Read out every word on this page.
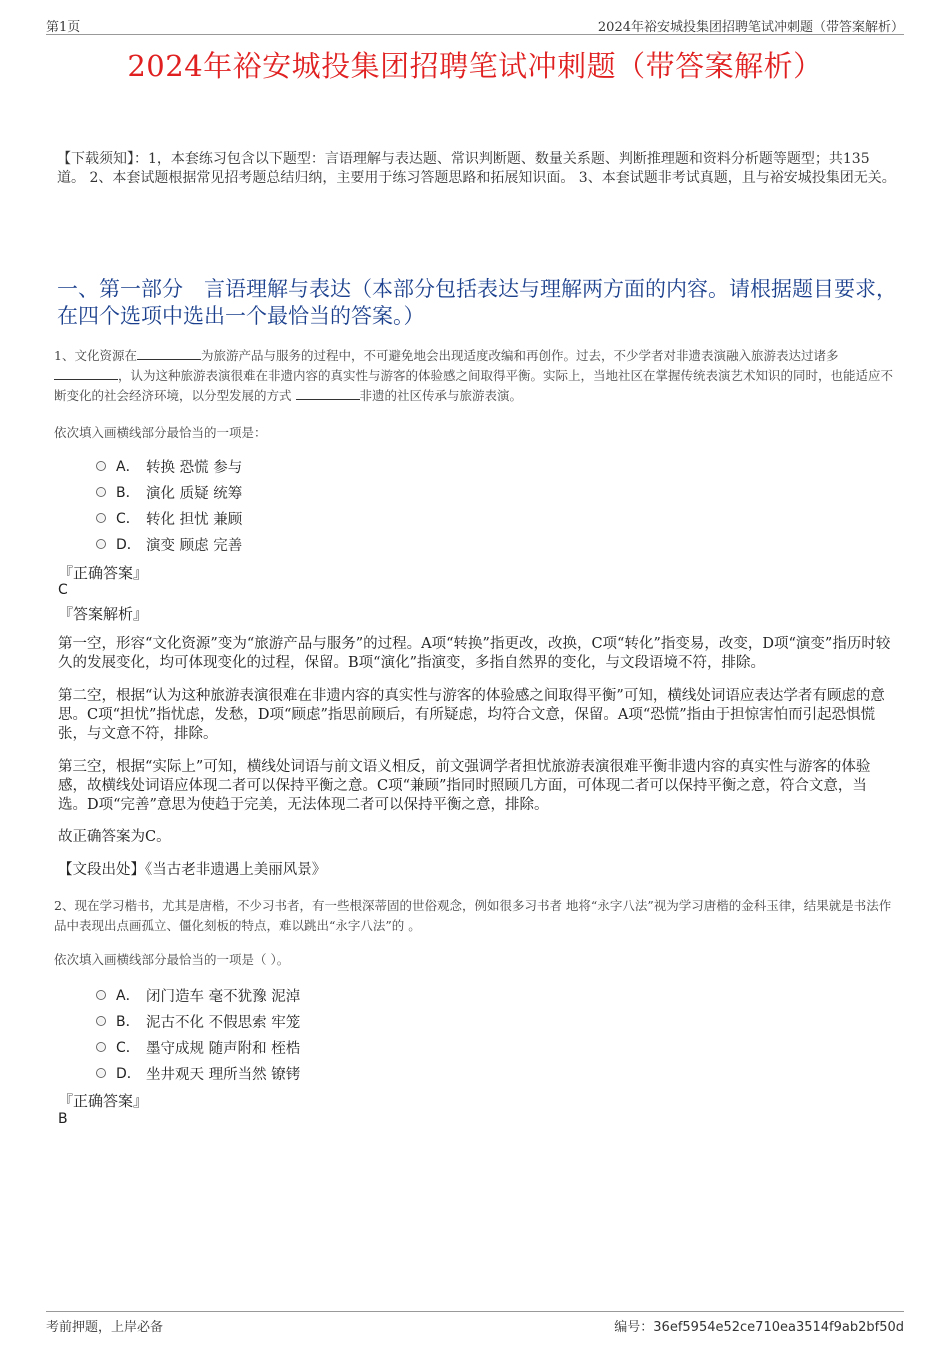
第1页	2024年裕安城投集团招聘笔试冲刺题（带答案解析）
2024年裕安城投集团招聘笔试冲刺题（带答案解析）
【下载须知】：1，本套练习包含以下题型：言语理解与表达题、常识判断题、数量关系题、判断推理题和资料分析题等题型；共135道。 2、本套试题根据常见招考题总结归纳，主要用于练习答题思路和拓展知识面。 3、本套试题非考试真题，且与裕安城投集团无关。
一、第一部分　言语理解与表达（本部分包括表达与理解两方面的内容。请根据题目要求，在四个选项中选出一个最恰当的答案。）
1、文化资源在	为旅游产品与服务的过程中，不可避免地会出现适度改编和再创作。过去，不少学者对非遗表演融入旅游表达过诸多，认为这种旅游表演很难在非遗内容的真实性与游客的体验感之间取得平衡。实际上，当地社区在掌握传统表演艺术知识的同时，也能适应不断变化的社会经济环境，以分型发展的方式	非遗的社区传承与旅游表演。
依次填入画横线部分最恰当的一项是：
A． 转换 恐慌 参与
B． 演化 质疑 统筹
C． 转化 担忧 兼顾
D． 演变 顾虑 完善
『正确答案』
C
『答案解析』
第一空，形容“文化资源”变为“旅游产品与服务”的过程。A项“转换”指更改，改换，C项“转化”指变易，改变，D项“演变”指历时较久的发展变化，均可体现变化的过程，保留。B项“演化”指演变，多指自然界的变化，与文段语境不符，排除。
第二空，根据“认为这种旅游表演很难在非遗内容的真实性与游客的体验感之间取得平衡”可知，横线处词语应表达学者有顾虑的意思。C项“担忧”指忧虑，发愁，D项“顾虑”指思前顾后，有所疑虑，均符合文意，保留。A项“恐慌”指由于担惊害怕而引起恐惧慌张，与文意不符，排除。
第三空，根据“实际上”可知，横线处词语与前文语义相反，前文强调学者担忧旅游表演很难平衡非遗内容的真实性与游客的体验感，故横线处词语应体现二者可以保持平衡之意。C项“兼顾”指同时照顾几方面，可体现二者可以保持平衡之意，符合文意，当选。D项“完善”意思为使趋于完美，无法体现二者可以保持平衡之意，排除。
故正确答案为C。
【文段出处】《当古老非遗遇上美丽风景》
2、现在学习楷书，尤其是唐楷，不少习书者，有一些根深蒂固的世俗观念，例如很多习书者 地将“永字八法”视为学习唐楷的金科玉律，结果就是书法作品中表现出点画孤立、僵化刻板的特点，难以跳出“永字八法”的 。
依次填入画横线部分最恰当的一项是（ ）。
A． 闭门造车 毫不犹豫 泥淖
B． 泥古不化 不假思索 牢笼
C． 墨守成规 随声附和 桎梏
D． 坐井观天 理所当然 镣铐
『正确答案』
B
考前押题，上岸必备	编号：36ef5954e52ce710ea3514f9ab2bf50d
